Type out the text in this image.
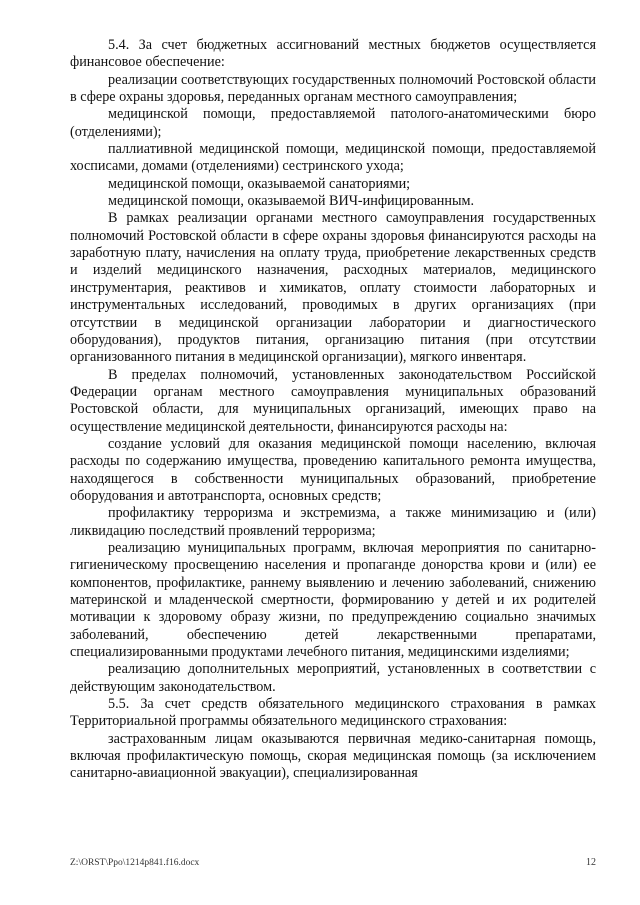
5.4. За счет бюджетных ассигнований местных бюджетов осуществляется финансовое обеспечение:

реализации соответствующих государственных полномочий Ростовской области в сфере охраны здоровья, переданных органам местного самоуправления;

медицинской помощи, предоставляемой патолого-анатомическими бюро (отделениями);

паллиативной медицинской помощи, медицинской помощи, предоставляемой хосписами, домами (отделениями) сестринского ухода;

медицинской помощи, оказываемой санаториями;

медицинской помощи, оказываемой ВИЧ-инфицированным.

В рамках реализации органами местного самоуправления государственных полномочий Ростовской области в сфере охраны здоровья финансируются расходы на заработную плату, начисления на оплату труда, приобретение лекарственных средств и изделий медицинского назначения, расходных материалов, медицинского инструментария, реактивов и химикатов, оплату стоимости лабораторных и инструментальных исследований, проводимых в других организациях (при отсутствии в медицинской организации лаборатории и диагностического оборудования), продуктов питания, организацию питания (при отсутствии организованного питания в медицинской организации), мягкого инвентаря.

В пределах полномочий, установленных законодательством Российской Федерации органам местного самоуправления муниципальных образований Ростовской области, для муниципальных организаций, имеющих право на осуществление медицинской деятельности, финансируются расходы на:

создание условий для оказания медицинской помощи населению, включая расходы по содержанию имущества, проведению капитального ремонта имущества, находящегося в собственности муниципальных образований, приобретение оборудования и автотранспорта, основных средств;

профилактику терроризма и экстремизма, а также минимизацию и (или) ликвидацию последствий проявлений терроризма;

реализацию муниципальных программ, включая мероприятия по санитарно-гигиеническому просвещению населения и пропаганде донорства крови и (или) ее компонентов, профилактике, раннему выявлению и лечению заболеваний, снижению материнской и младенческой смертности, формированию у детей и их родителей мотивации к здоровому образу жизни, по предупреждению социально значимых заболеваний, обеспечению детей лекарственными препаратами, специализированными продуктами лечебного питания, медицинскими изделиями;

реализацию дополнительных мероприятий, установленных в соответствии с действующим законодательством.

5.5. За счет средств обязательного медицинского страхования в рамках Территориальной программы обязательного медицинского страхования:

застрахованным лицам оказываются первичная медико-санитарная помощь, включая профилактическую помощь, скорая медицинская помощь (за исключением санитарно-авиационной эвакуации), специализированная

Z:\ORST\Ppo\1214p841.f16.docx	12
